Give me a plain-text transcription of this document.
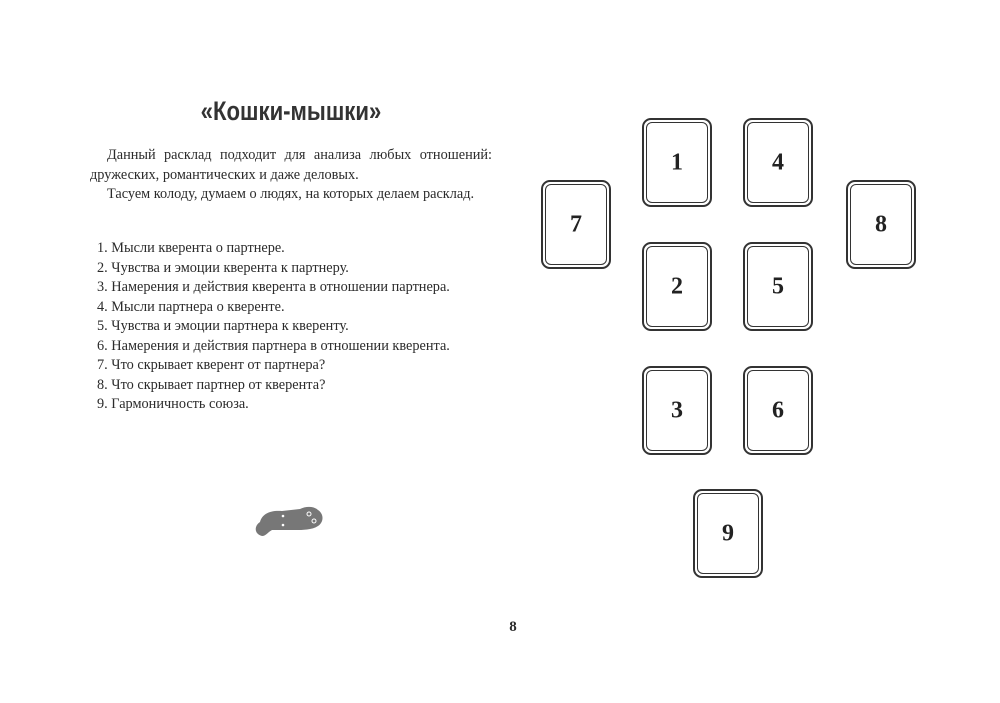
«Кошки-мышки»

Данный расклад подходит для анализа любых отношений: дружеских, романтических и даже деловых.

Тасуем колоду, думаем о людях, на которых делаем расклад.

1. Мысли кверента о партнере.
2. Чувства и эмоции кверента к партнеру.
3. Намерения и действия кверента в отношении партнера.
4. Мысли партнера о кверенте.
5. Чувства и эмоции партнера к кверенту.
6. Намерения и действия партнера в отношении кверента.
7. Что скрывает кверент от партнера?
8. Что скрывает партнер от кверента?
9. Гармоничность союза.
1
2
3
4
5
6
7	8
9
8
